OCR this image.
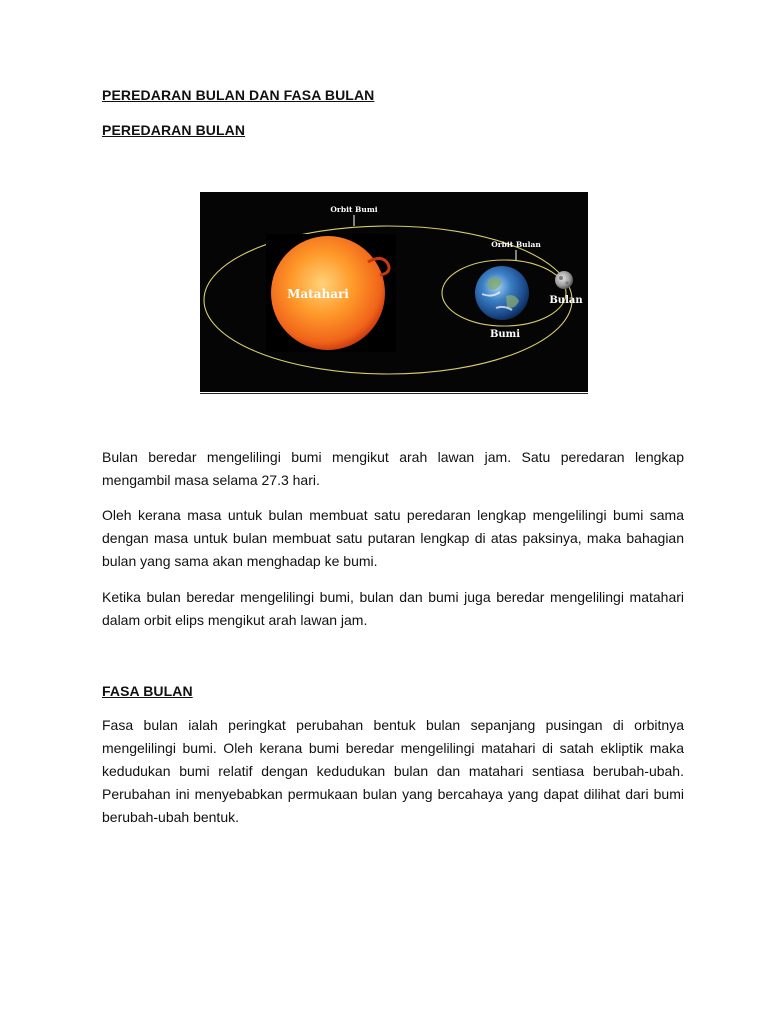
PEREDARAN BULAN DAN FASA BULAN
PEREDARAN BULAN
Matahari
Orbit Bumi
Orbit Bulan
Bumi
Bulan

Bulan beredar mengelilingi bumi mengikut arah lawan jam. Satu peredaran lengkap mengambil masa selama 27.3 hari.

Oleh kerana masa untuk bulan membuat satu peredaran lengkap mengelilingi bumi sama dengan masa untuk bulan membuat satu putaran lengkap di atas paksinya, maka bahagian bulan yang sama akan menghadap ke bumi.

Ketika bulan beredar mengelilingi bumi, bulan dan bumi juga beredar mengelilingi matahari dalam orbit elips mengikut arah lawan jam.

FASA BULAN

Fasa bulan ialah peringkat perubahan bentuk bulan sepanjang pusingan di orbitnya mengelilingi bumi. Oleh kerana bumi beredar mengelilingi matahari di satah ekliptik maka kedudukan bumi relatif dengan kedudukan bulan dan matahari sentiasa berubah-ubah. Perubahan ini menyebabkan permukaan bulan yang bercahaya yang dapat dilihat dari bumi berubah-ubah bentuk.
